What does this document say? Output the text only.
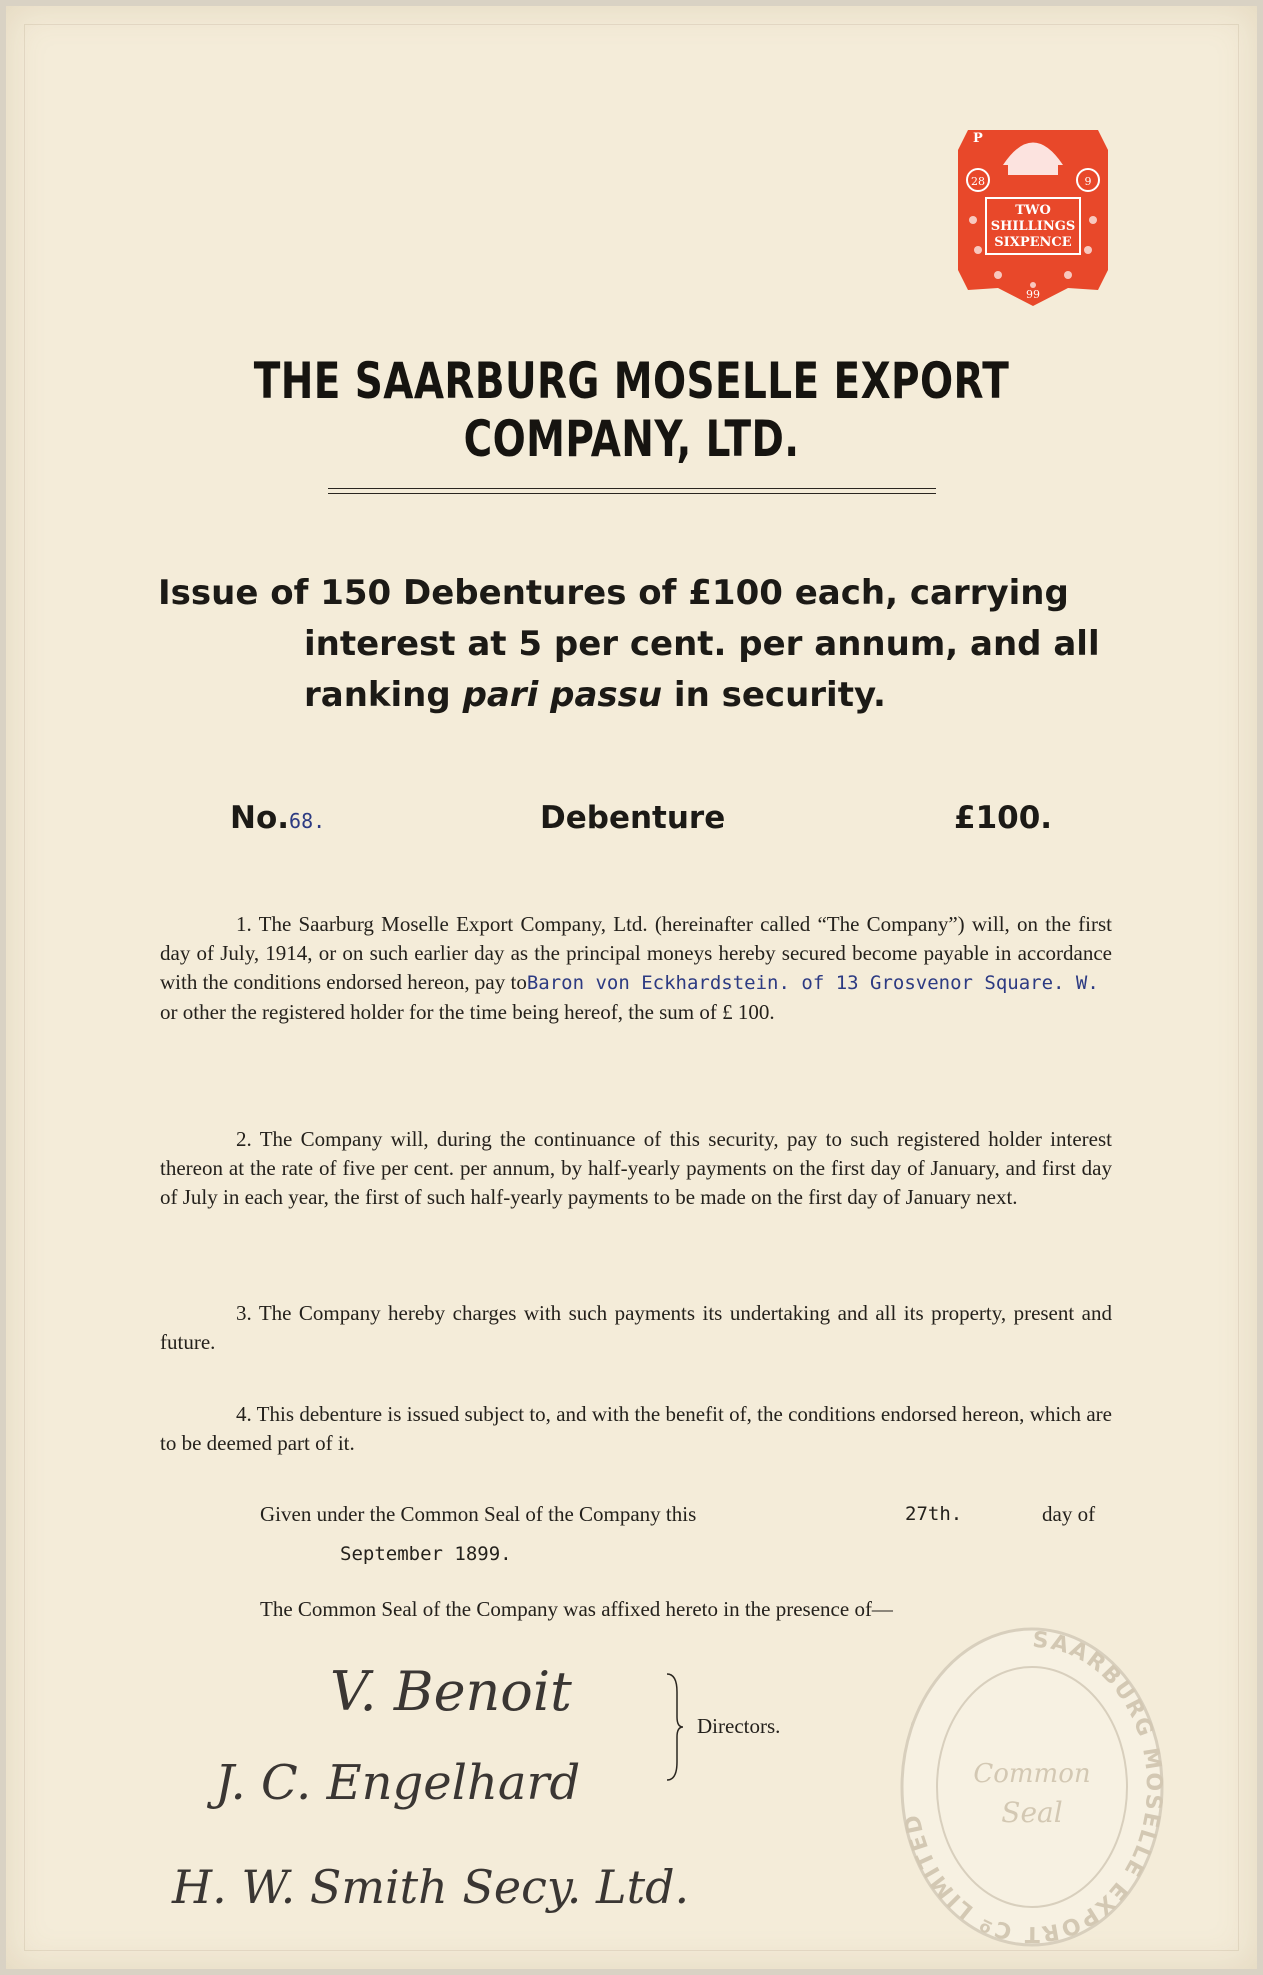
P
28	9
TWO
SHILLINGS
SIXPENCE
99
THE SAARBURG MOSELLE EXPORT COMPANY, LTD.
Issue of 150 Debentures of £100 each, carrying
interest at 5 per cent. per annum, and all
ranking pari passu in security.
No.68.	Debenture	£100.

1. The Saarburg Moselle Export Company, Ltd. (hereinafter called “The Company”) will, on the first day of July, 1914, or on such earlier day as the principal moneys hereby secured become payable in accordance with the conditions endorsed hereon, pay toBaron von Eckhardstein. of 13 Grosvenor Square. W.

or other the registered holder for the time being hereof, the sum of £ 100.

2. The Company will, during the continuance of this security, pay to such registered holder interest thereon at the rate of five per cent. per annum, by half-yearly payments on the first day of January, and first day of July in each year, the first of such half-yearly payments to be made on the first day of January next.

3. The Company hereby charges with such payments its undertaking and all its property, present and future.

4. This debenture is issued subject to, and with the benefit of, the conditions endorsed hereon, which are to be deemed part of it.

Given under the Common Seal of the Company this	27th.	day of
September 1899.
The Common Seal of the Company was affixed hereto in the presence of—
V. Benoit
Directors.
J. C. Engelhard
H. W. Smith Secy. Ltd.
SAARBURG MOSELLE EXPORT Cº LIMITED
Common
Seal
